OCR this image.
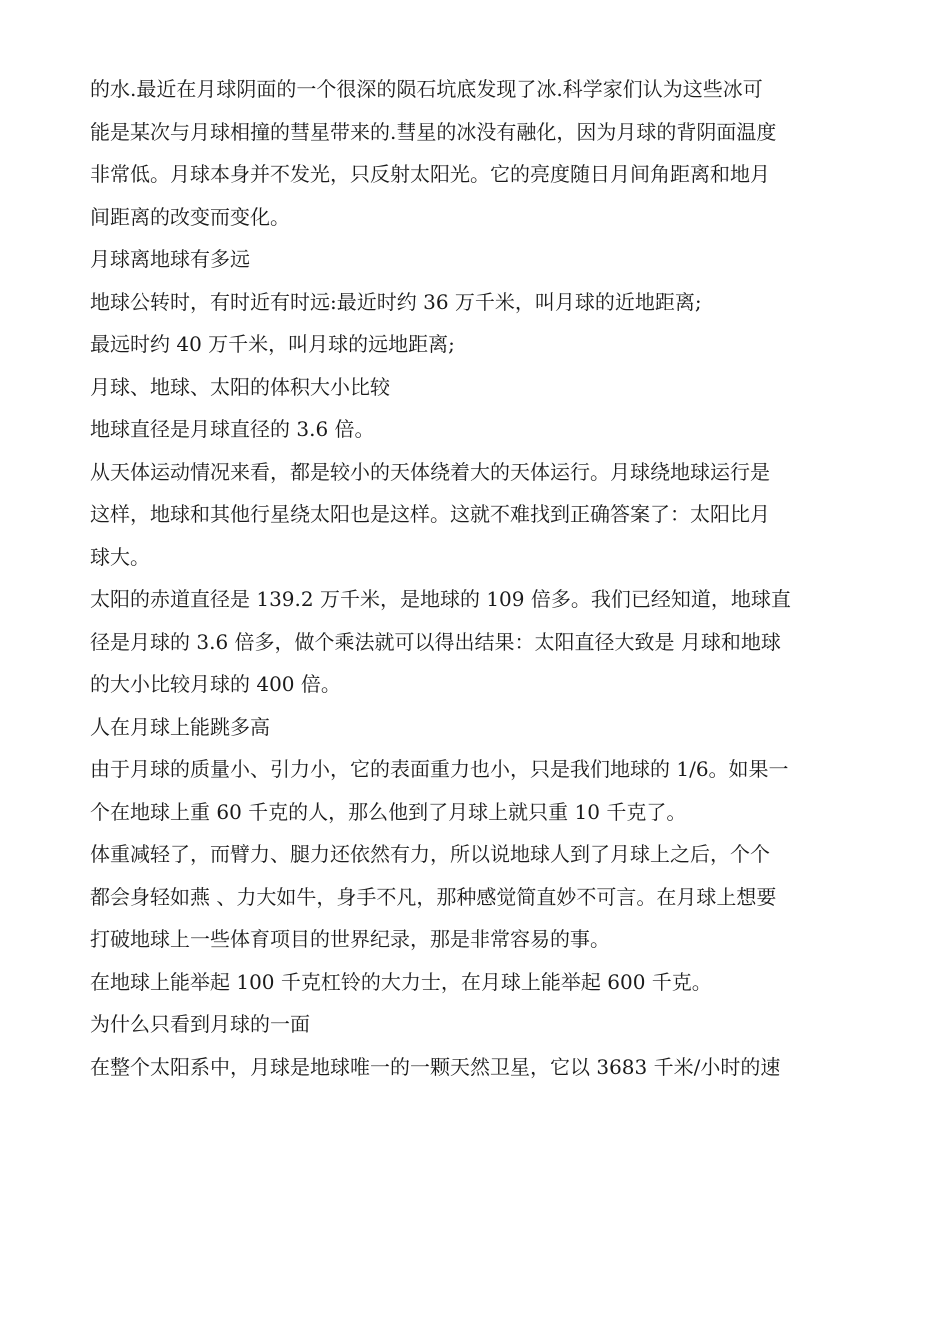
的水.最近在月球阴面的一个很深的陨石坑底发现了冰.科学家们认为这些冰可

能是某次与月球相撞的彗星带来的.彗星的冰没有融化，因为月球的背阴面温度

非常低。月球本身并不发光，只反射太阳光。它的亮度随日月间角距离和地月

间距离的改变而变化。

月球离地球有多远

地球公转时，有时近有时远:最近时约 36 万千米，叫月球的近地距离;

最远时约 40 万千米，叫月球的远地距离;

月球、地球、太阳的体积大小比较

地球直径是月球直径的 3.6 倍。

从天体运动情况来看，都是较小的天体绕着大的天体运行。月球绕地球运行是

这样，地球和其他行星绕太阳也是这样。这就不难找到正确答案了：太阳比月

球大。

太阳的赤道直径是 139.2 万千米，是地球的 109 倍多。我们已经知道，地球直

径是月球的 3.6 倍多，做个乘法就可以得出结果：太阳直径大致是 月球和地球

的大小比较月球的 400 倍。

人在月球上能跳多高

由于月球的质量小、引力小，它的表面重力也小，只是我们地球的 1/6。如果一

个在地球上重 60 千克的人，那么他到了月球上就只重 10 千克了。

体重减轻了，而臂力、腿力还依然有力，所以说地球人到了月球上之后，个个

都会身轻如燕 、力大如牛，身手不凡，那种感觉简直妙不可言。在月球上想要

打破地球上一些体育项目的世界纪录，那是非常容易的事。

在地球上能举起 100 千克杠铃的大力士，在月球上能举起 600 千克。

为什么只看到月球的一面

在整个太阳系中，月球是地球唯一的一颗天然卫星，它以 3683 千米/小时的速
